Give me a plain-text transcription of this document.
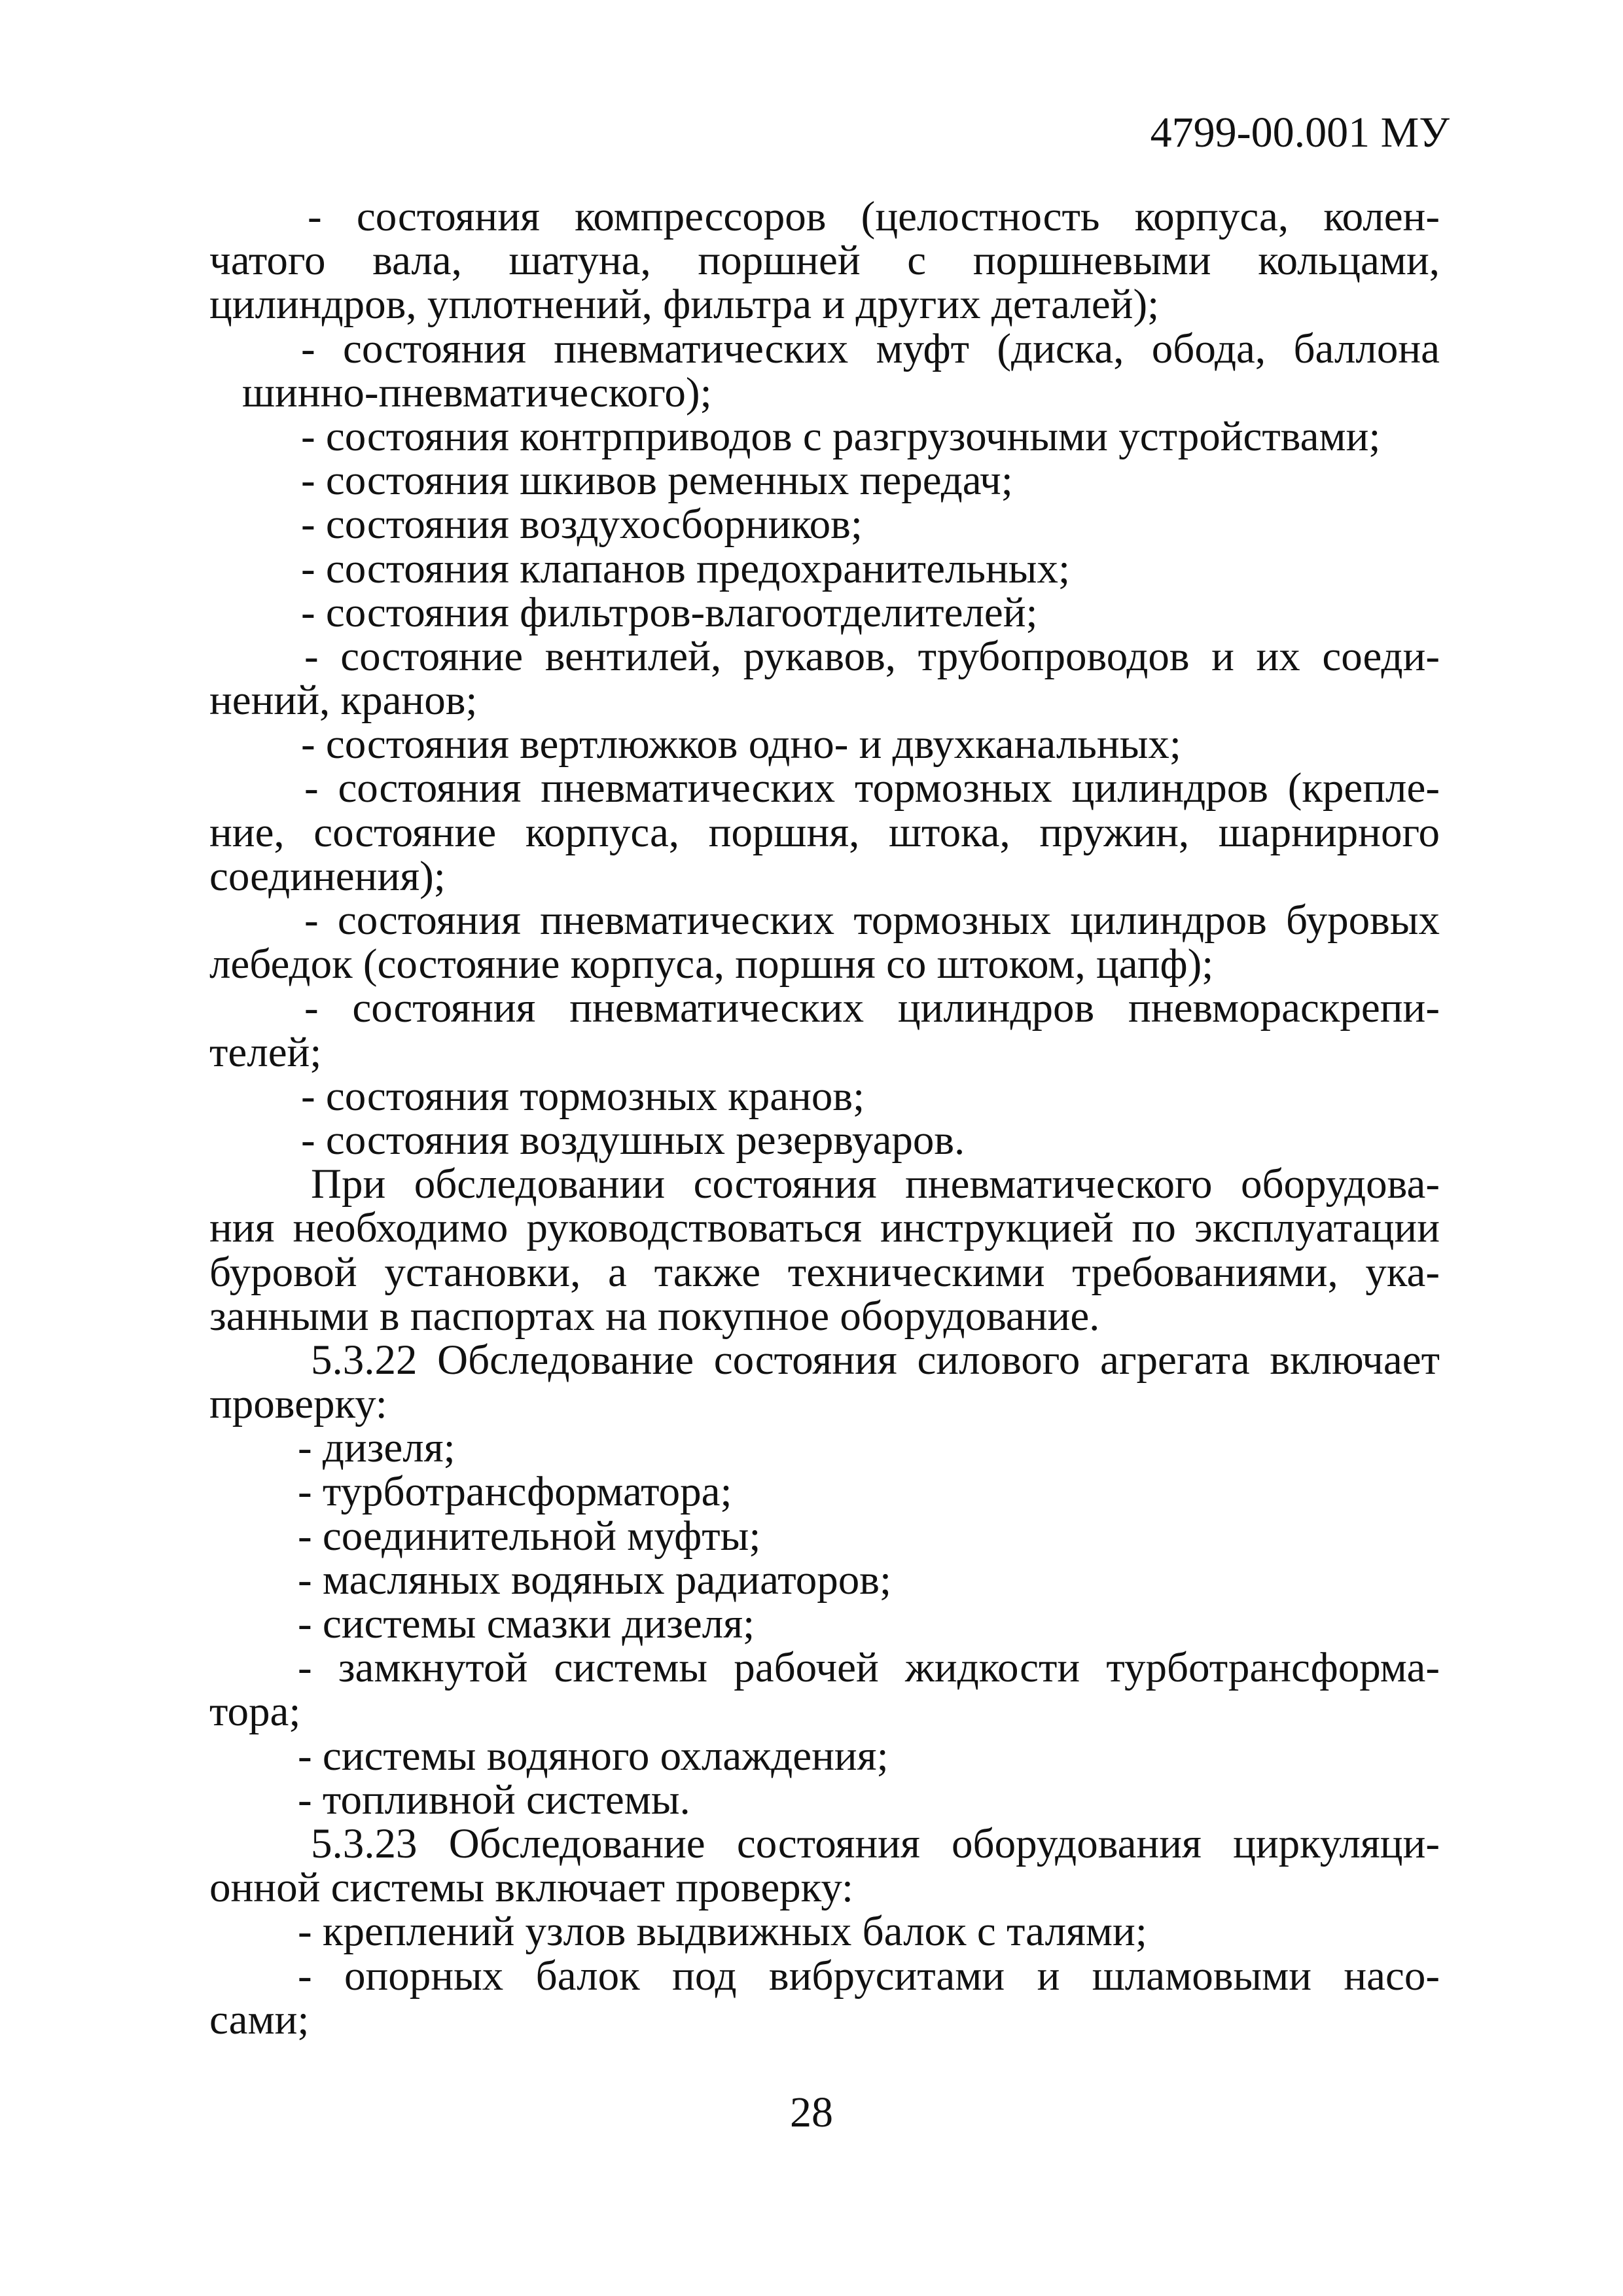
4799-00.001 МУ
- состояния компрессоров (целостность корпуса, колен-
чатого вала, шатуна, поршней с поршневыми кольцами,
цилиндров, уплотнений, фильтра и других деталей);
- состояния пневматических муфт (диска, обода, баллона
шинно-пневматического);
- состояния контрприводов с разгрузочными устройствами;
- состояния шкивов ременных передач;
- состояния воздухосборников;
- состояния клапанов предохранительных;
- состояния фильтров-влагоотделителей;
- состояние вентилей, рукавов, трубопроводов и их соеди-
нений, кранов;
- состояния вертлюжков одно- и двухканальных;
- состояния пневматических тормозных цилиндров (крепле-
ние, состояние корпуса, поршня, штока, пружин, шарнирного
соединения);
- состояния пневматических тормозных цилиндров буровых
лебедок (состояние корпуса, поршня со штоком, цапф);
- состояния пневматических цилиндров пневмораскрепи-
телей;
- состояния тормозных кранов;
- состояния воздушных резервуаров.
При обследовании состояния пневматического оборудова-
ния необходимо руководствоваться инструкцией по эксплуатации
буровой установки, а также техническими требованиями, ука-
занными в паспортах на покупное оборудование.
5.3.22 Обследование состояния силового агрегата включает
проверку:
- дизеля;
- турботрансформатора;
- соединительной муфты;
- масляных водяных радиаторов;
- системы смазки дизеля;
- замкнутой системы рабочей жидкости турботрансформа-
тора;
- системы водяного охлаждения;
- топливной системы.
5.3.23 Обследование состояния оборудования циркуляци-
онной системы включает проверку:
- креплений узлов выдвижных балок с талями;
- опорных балок под вибруситами и шламовыми насо-
сами;
28
